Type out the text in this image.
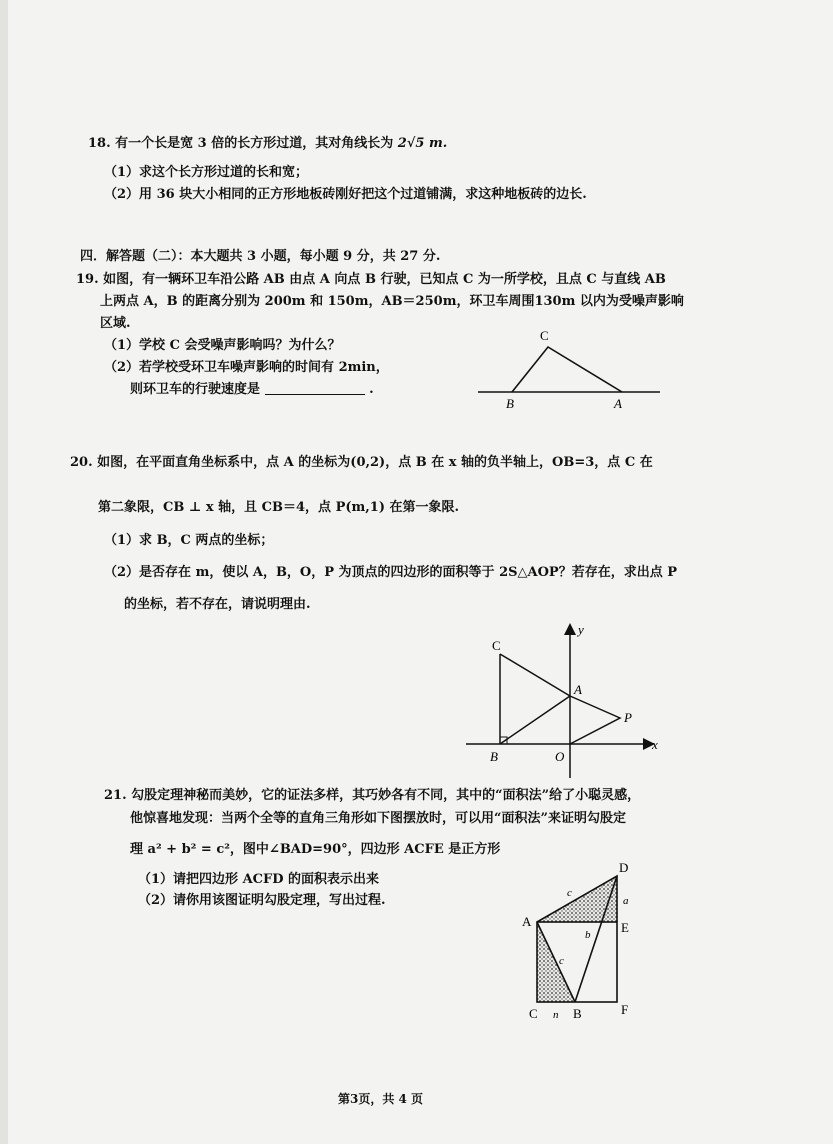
18. 有一个长是宽 3 倍的长方形过道，其对角线长为 2√5 m.
（1）求这个长方形过道的长和宽；
（2）用 36 块大小相同的正方形地板砖刚好把这个过道铺满，求这种地板砖的边长.
四．解答题（二）：本大题共 3 小题，每小题 9 分，共 27 分.
19. 如图，有一辆环卫车沿公路 AB 由点 A 向点 B 行驶，已知点 C 为一所学校，且点 C 与直线 AB
上两点 A，B 的距离分别为 200m 和 150m，AB＝250m，环卫车周围130m 以内为受噪声影响
区域.
（1）学校 C 会受噪声影响吗？为什么？
（2）若学校受环卫车噪声影响的时间有 2min，
则环卫车的行驶速度是	.
C
B	A
20. 如图，在平面直角坐标系中，点 A 的坐标为(0,2)，点 B 在 x 轴的负半轴上，OB=3，点 C 在
第二象限，CB ⊥ x 轴，且 CB＝4，点 P(m,1) 在第一象限.
（1）求 B，C 两点的坐标；
（2）是否存在 m，使以 A，B，O，P 为顶点的四边形的面积等于 2S△AOP？若存在，求出点 P
的坐标，若不存在，请说明理由.
C
A
P
B	O
x
y
21. 勾股定理神秘而美妙，它的证法多样，其巧妙各有不同，其中的“面积法”给了小聪灵感，
他惊喜地发现：当两个全等的直角三角形如下图摆放时，可以用“面积法”来证明勾股定
理 a² + b² = c²，图中∠BAD=90°，四边形 ACFE 是正方形
（1）请把四边形 ACFD 的面积表示出来
（2）请你用该图证明勾股定理，写出过程.
D
A	E
C	B	F
a
c
c
b
n
第3页，共 4 页
